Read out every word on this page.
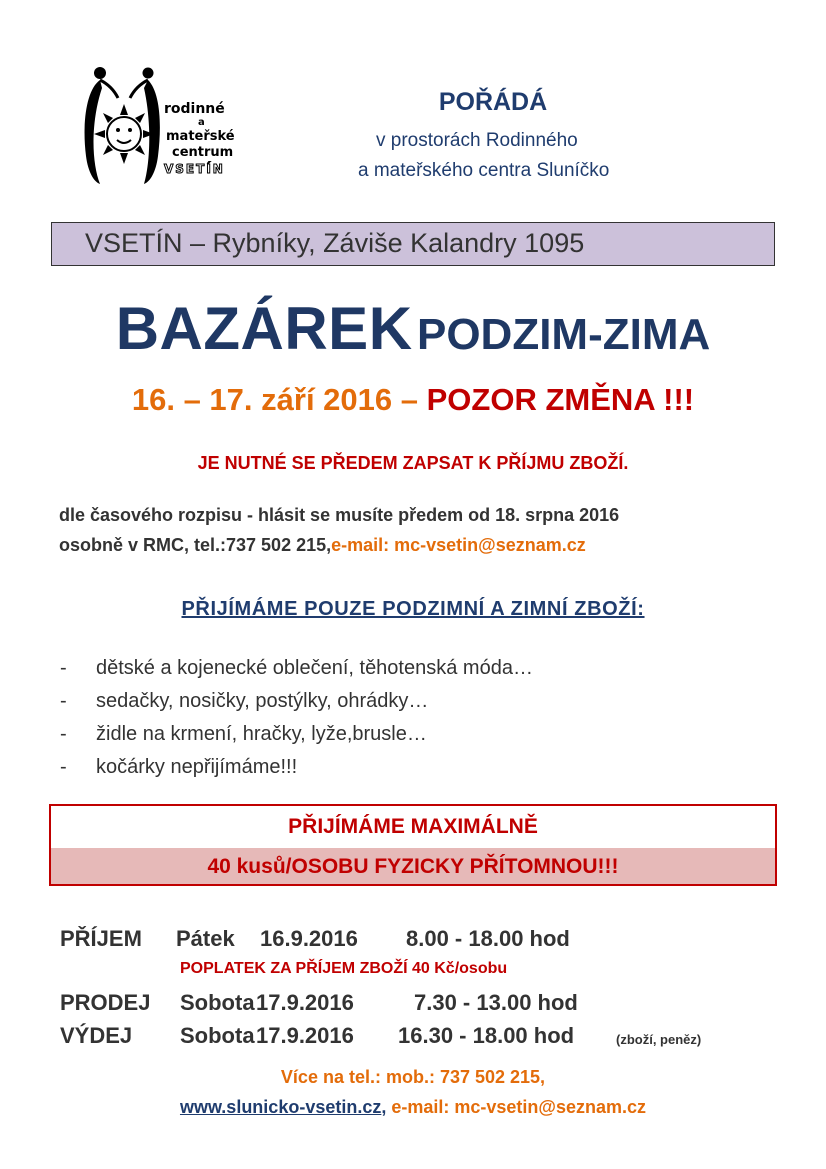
rodinné
a
mateřské
centrum
VSETÍN
POŘÁDÁ
v prostorách Rodinného
a mateřského centra Sluníčko
VSETÍN – Rybníky, Záviše Kalandry 1095
BAZÁREK PODZIM-ZIMA
16. – 17. září 2016 – POZOR ZMĚNA !!!
JE NUTNÉ SE PŘEDEM ZAPSAT K PŘÍJMU ZBOŽÍ.
dle časového rozpisu - hlásit se musíte předem od 18. srpna 2016
osobně v RMC, tel.:737 502 215,e-mail: mc-vsetin@seznam.cz
PŘIJÍMÁME POUZE PODZIMNÍ A ZIMNÍ ZBOŽÍ:
-	dětské a kojenecké oblečení, těhotenská móda…
-	sedačky, nosičky, postýlky, ohrádky…
-	židle na krmení, hračky, lyže,brusle…
-	kočárky nepřijímáme!!!
PŘIJÍMÁME MAXIMÁLNĚ
40 kusů/OSOBU FYZICKY PŘÍTOMNOU!!!
PŘÍJEM Pátek 16.9.2016 8.00 - 18.00 hod
POPLATEK ZA PŘÍJEM ZBOŽÍ 40 Kč/osobu
PRODEJ Sobota 17.9.2016	7.30 - 13.00 hod
VÝDEJ Sobota 17.9.2016 16.30 - 18.00 hod	(zboží, peněz)
Více na tel.: mob.: 737 502 215,
www.slunicko-vsetin.cz, e-mail: mc-vsetin@seznam.cz
